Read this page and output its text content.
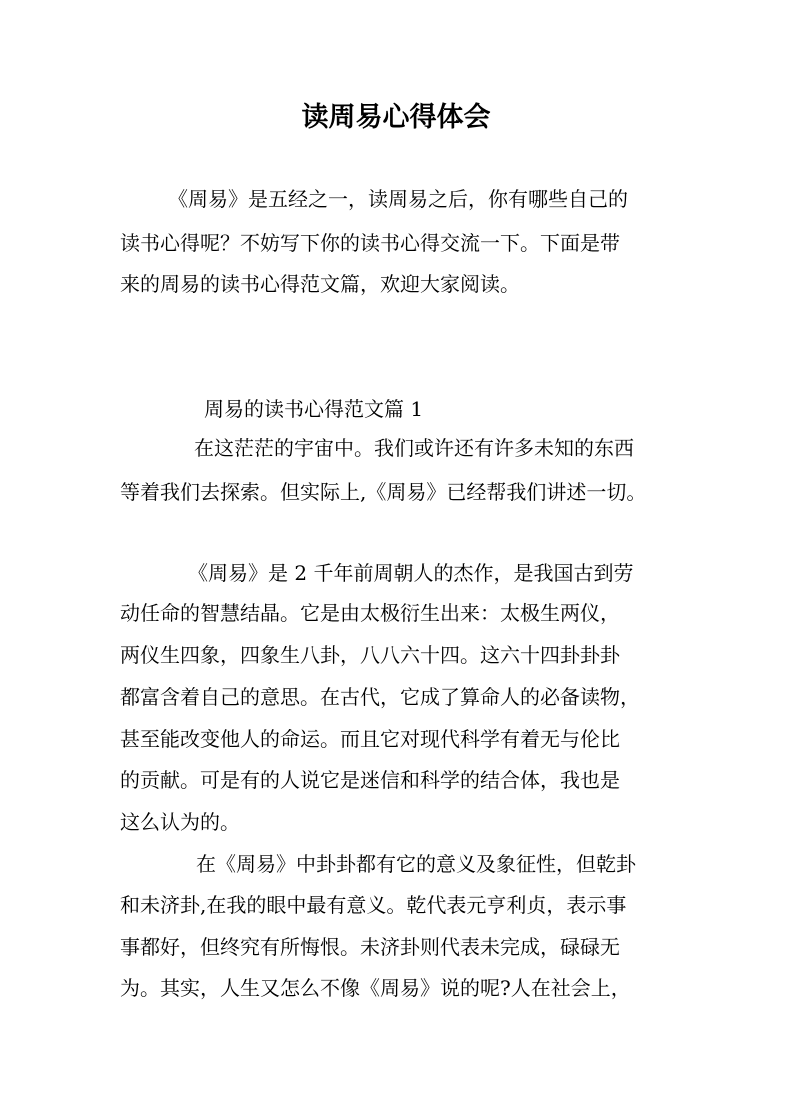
读周易心得体会

《周易》是五经之一，读周易之后，你有哪些自己的

读书心得呢？不妨写下你的读书心得交流一下。下面是带

来的周易的读书心得范文篇，欢迎大家阅读。

周易的读书心得范文篇 1

在这茫茫的宇宙中。我们或许还有许多未知的东西

等着我们去探索。但实际上,《周易》已经帮我们讲述一切。

《周易》是 2 千年前周朝人的杰作，是我国古到劳

动任命的智慧结晶。它是由太极衍生出来：太极生两仪，

两仪生四象，四象生八卦，八八六十四。这六十四卦卦卦

都富含着自己的意思。在古代，它成了算命人的必备读物，

甚至能改变他人的命运。而且它对现代科学有着无与伦比

的贡献。可是有的人说它是迷信和科学的结合体，我也是

这么认为的。

在《周易》中卦卦都有它的意义及象征性，但乾卦

和未济卦,在我的眼中最有意义。乾代表元亨利贞，表示事

事都好，但终究有所悔恨。未济卦则代表未完成，碌碌无

为。其实，人生又怎么不像《周易》说的呢?人在社会上，
